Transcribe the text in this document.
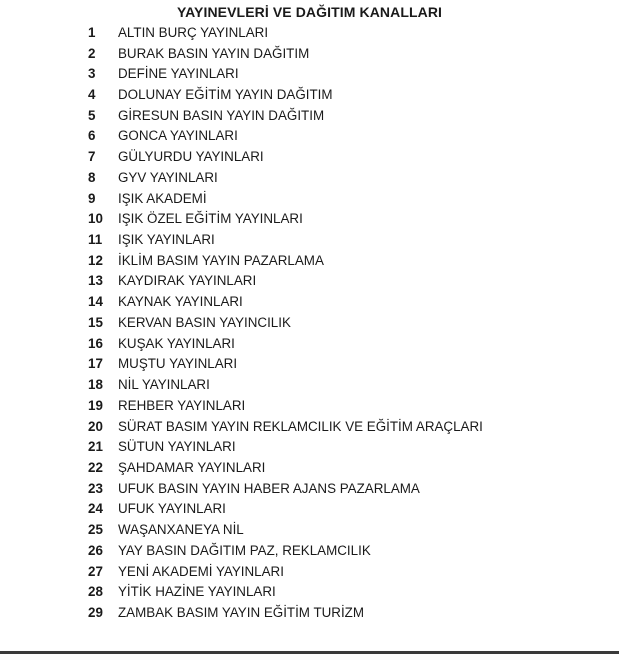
YAYINEVLERİ VE DAĞITIM KANALLARI
1	ALTIN BURÇ YAYINLARI
2	BURAK BASIN YAYIN DAĞITIM
3	DEFİNE YAYINLARI
4	DOLUNAY EĞİTİM YAYIN DAĞITIM
5	GİRESUN BASIN YAYIN DAĞITIM
6	GONCA YAYINLARI
7	GÜLYURDU YAYINLARI
8	GYV YAYINLARI
9	IŞIK AKADEMİ
10	IŞIK ÖZEL EĞİTİM YAYINLARI
11	IŞIK YAYINLARI
12	İKLİM BASIM YAYIN PAZARLAMA
13	KAYDIRAK YAYINLARI
14	KAYNAK YAYINLARI
15	KERVAN BASIN YAYINCILIK
16	KUŞAK YAYINLARI
17	MUŞTU YAYINLARI
18	NİL YAYINLARI
19	REHBER YAYINLARI
20	SÜRAT BASIM YAYIN REKLAMCILIK VE EĞİTİM ARAÇLARI
21	SÜTUN YAYINLARI
22	ŞAHDAMAR YAYINLARI
23	UFUK BASIN YAYIN HABER AJANS PAZARLAMA
24	UFUK YAYINLARI
25	WAŞANXANEYA NİL
26	YAY BASIN DAĞITIM PAZ, REKLAMCILIK
27	YENİ AKADEMİ YAYINLARI
28	YİTİK HAZİNE YAYINLARI
29	ZAMBAK BASIM YAYIN EĞİTİM TURİZM
